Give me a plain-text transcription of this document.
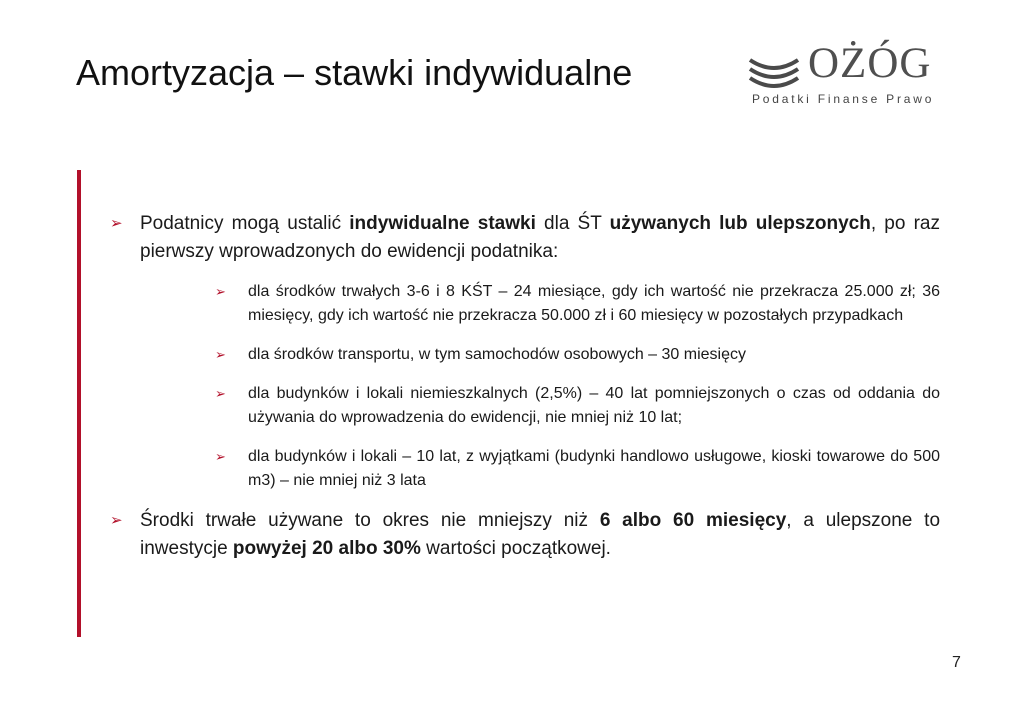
Amortyzacja – stawki indywidualne	OŻÓG
Podatki Finanse Prawo
➢ Podatnicy mogą ustalić indywidualne stawki dla ŚT używanych lub ulepszonych, po raz pierwszy wprowadzonych do ewidencji podatnika:
➢ dla środków trwałych 3-6 i 8 KŚT – 24 miesiące, gdy ich wartość nie przekracza 25.000 zł; 36 miesięcy, gdy ich wartość nie przekracza 50.000 zł i 60 miesięcy w pozostałych przypadkach
➢ dla środków transportu, w tym samochodów osobowych – 30 miesięcy
➢ dla budynków i lokali niemieszkalnych (2,5%) – 40 lat pomniejszonych o czas od oddania do używania do wprowadzenia do ewidencji, nie mniej niż 10 lat;
➢ dla budynków i lokali – 10 lat, z wyjątkami (budynki handlowo usługowe, kioski towarowe do 500 m3) – nie mniej niż 3 lata
➢ Środki trwałe używane to okres nie mniejszy niż 6 albo 60 miesięcy, a ulepszone to inwestycje powyżej 20 albo 30% wartości początkowej.
7
